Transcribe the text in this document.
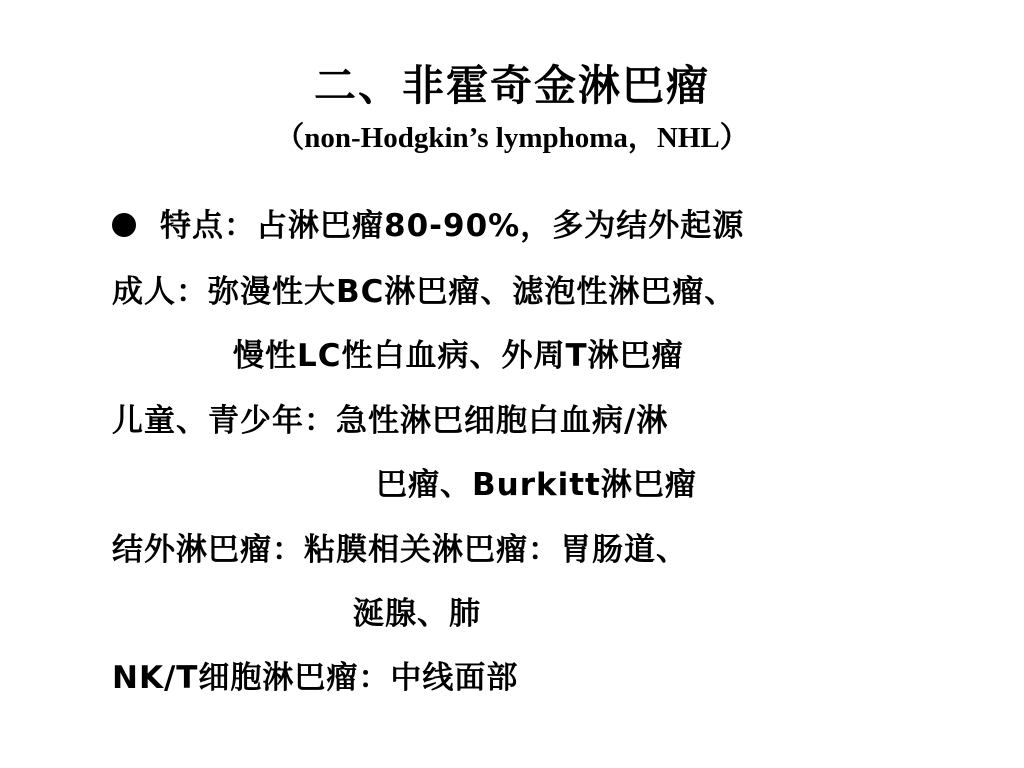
二、非霍奇金淋巴瘤
（non-Hodgkin’s lymphoma，NHL）
特点：占淋巴瘤80-90%，多为结外起源
成人：弥漫性大BC淋巴瘤、滤泡性淋巴瘤、
慢性LC性白血病、外周T淋巴瘤
儿童、青少年：急性淋巴细胞白血病/淋
巴瘤、Burkitt淋巴瘤
结外淋巴瘤：粘膜相关淋巴瘤：胃肠道、
涎腺、肺
NK/T细胞淋巴瘤：中线面部
